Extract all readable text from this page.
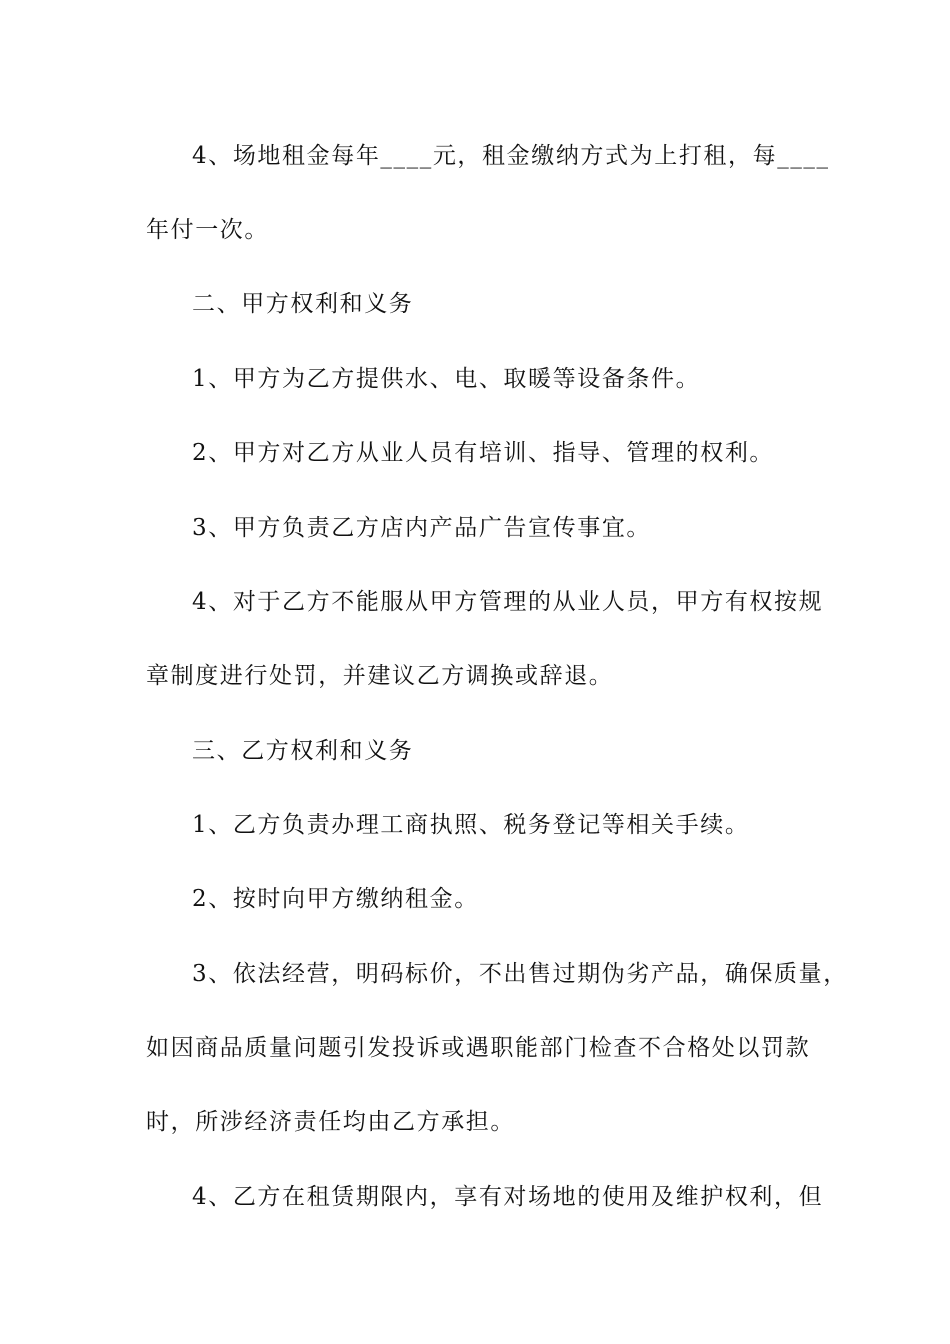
4、场地租金每年____元，租金缴纳方式为上打租，每____
年付一次。
二、甲方权利和义务
1、甲方为乙方提供水、电、取暖等设备条件。
2、甲方对乙方从业人员有培训、指导、管理的权利。
3、甲方负责乙方店内产品广告宣传事宜。
4、对于乙方不能服从甲方管理的从业人员，甲方有权按规
章制度进行处罚，并建议乙方调换或辞退。
三、乙方权利和义务
1、乙方负责办理工商执照、税务登记等相关手续。
2、按时向甲方缴纳租金。
3、依法经营，明码标价，不出售过期伪劣产品，确保质量，
如因商品质量问题引发投诉或遇职能部门检查不合格处以罚款
时，所涉经济责任均由乙方承担。
4、乙方在租赁期限内，享有对场地的使用及维护权利，但
